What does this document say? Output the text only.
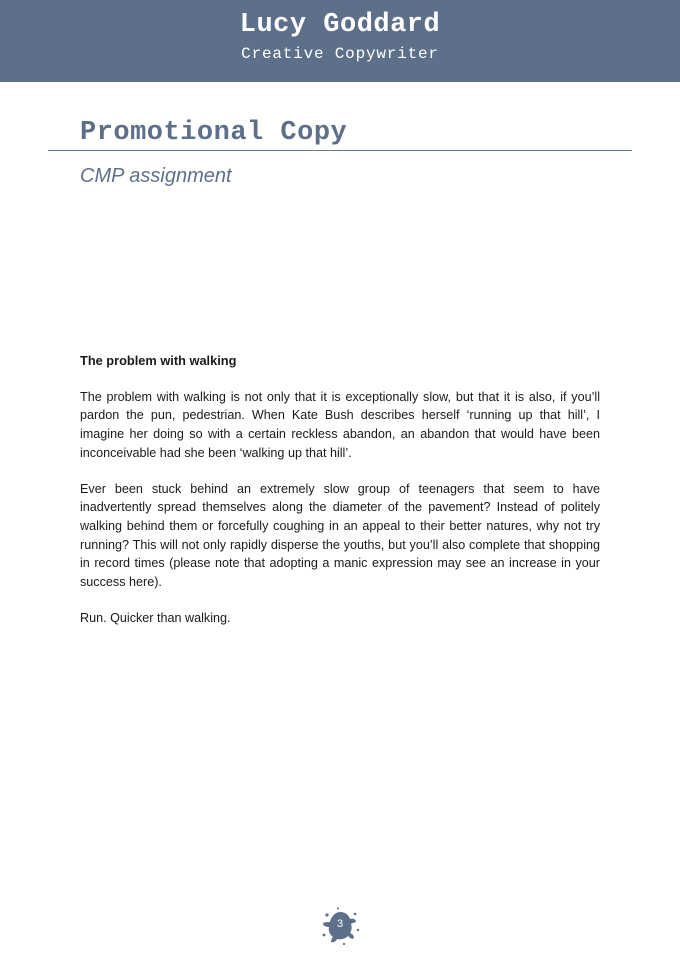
Lucy Goddard
Creative Copywriter
Promotional Copy
CMP assignment
The problem with walking

The problem with walking is not only that it is exceptionally slow, but that it is also, if you’ll pardon the pun, pedestrian. When Kate Bush describes herself ‘running up that hill’, I imagine her doing so with a certain reckless abandon, an abandon that would have been inconceivable had she been ‘walking up that hill’.

Ever been stuck behind an extremely slow group of teenagers that seem to have inadvertently spread themselves along the diameter of the pavement? Instead of politely walking behind them or forcefully coughing in an appeal to their better natures, why not try running? This will not only rapidly disperse the youths, but you’ll also complete that shopping in record times (please note that adopting a manic expression may see an increase in your success here).

Run. Quicker than walking.

3
